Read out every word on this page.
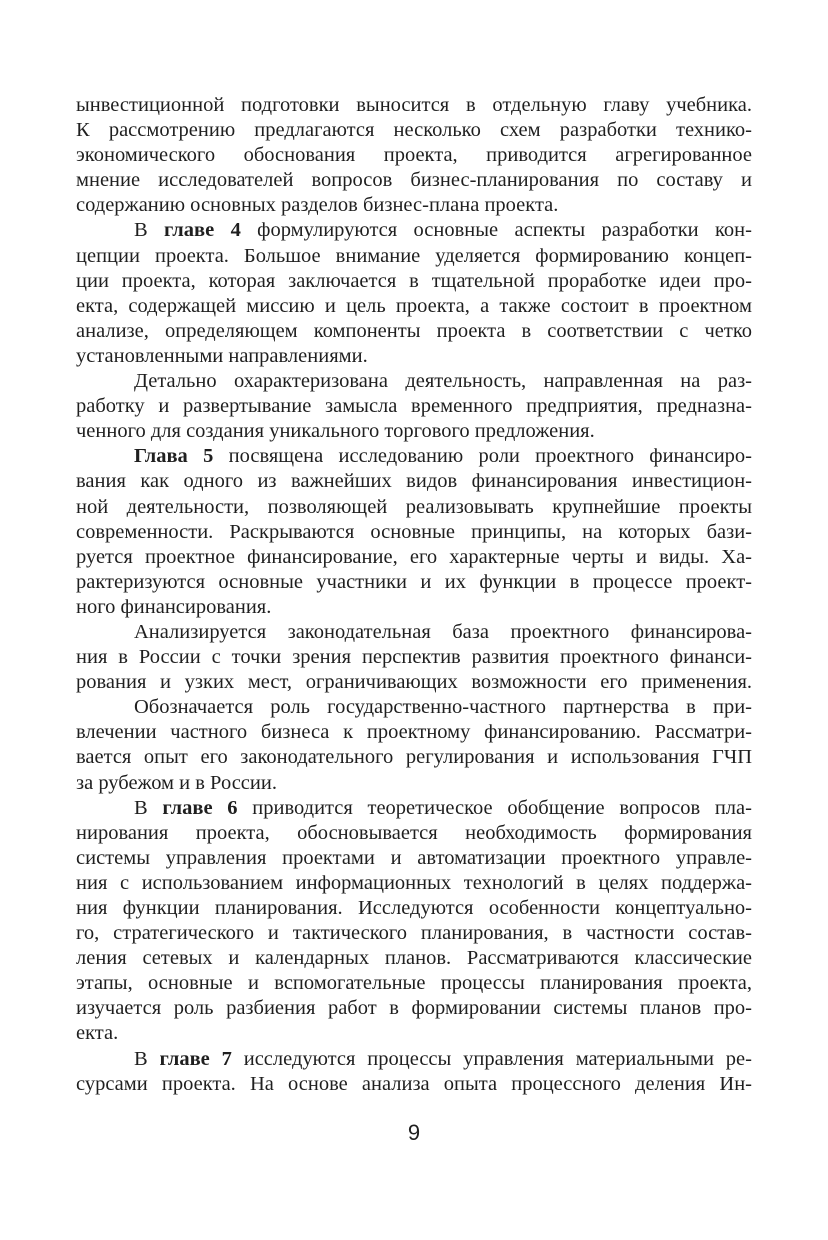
ынвестиционной подготовки выносится в отдельную главу учебника.
К рассмотрению предлагаются несколько схем разработки технико-
экономического обоснования проекта, приводится агрегированное
мнение исследователей вопросов бизнес-планирования по составу и
содержанию основных разделов бизнес-плана проекта.
В главе 4 формулируются основные аспекты разработки кон-
цепции проекта. Большое внимание уделяется формированию концеп-
ции проекта, которая заключается в тщательной проработке идеи про-
екта, содержащей миссию и цель проекта, а также состоит в проектном
анализе, определяющем компоненты проекта в соответствии с четко
установленными направлениями.
Детально охарактеризована деятельность, направленная на раз-
работку и развертывание замысла временного предприятия, предназна-
ченного для создания уникального торгового предложения.
Глава 5 посвящена исследованию роли проектного финансиро-
вания как одного из важнейших видов финансирования инвестицион-
ной деятельности, позволяющей реализовывать крупнейшие проекты
современности. Раскрываются основные принципы, на которых бази-
руется проектное финансирование, его характерные черты и виды. Ха-
рактеризуются основные участники и их функции в процессе проект-
ного финансирования.
Анализируется законодательная база проектного финансирова-
ния в России с точки зрения перспектив развития проектного финанси-
рования и узких мест, ограничивающих возможности его применения.
Обозначается роль государственно-частного партнерства в при-
влечении частного бизнеса к проектному финансированию. Рассматри-
вается опыт его законодательного регулирования и использования ГЧП
за рубежом и в России.
В главе 6 приводится теоретическое обобщение вопросов пла-
нирования проекта, обосновывается необходимость формирования
системы управления проектами и автоматизации проектного управле-
ния с использованием информационных технологий в целях поддержа-
ния функции планирования. Исследуются особенности концептуально-
го, стратегического и тактического планирования, в частности состав-
ления сетевых и календарных планов. Рассматриваются классические
этапы, основные и вспомогательные процессы планирования проекта,
изучается роль разбиения работ в формировании системы планов про-
екта.
В главе 7 исследуются процессы управления материальными ре-
сурсами проекта. На основе анализа опыта процессного деления Ин-
9
